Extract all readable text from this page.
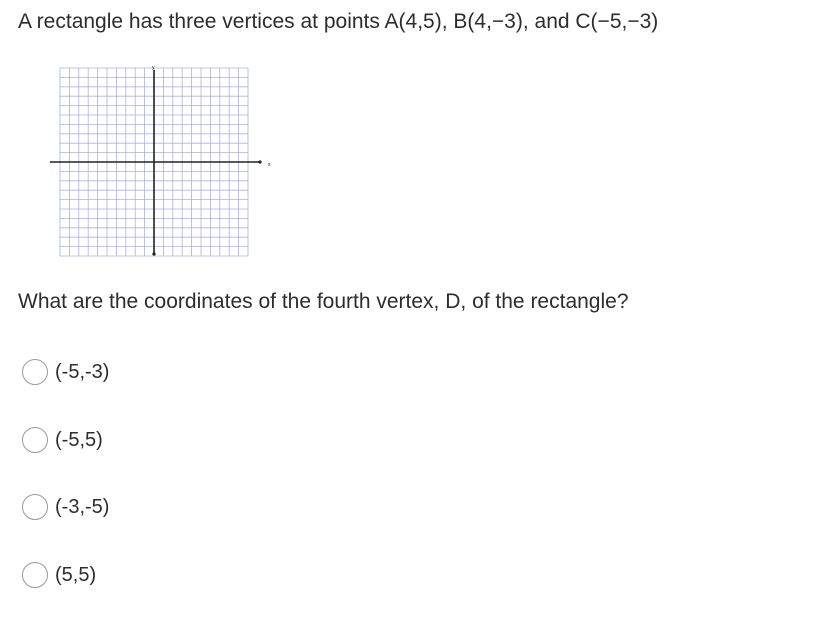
A rectangle has three vertices at points A(4,5), B(4,−3), and C(−5,−3)
x
y
What are the coordinates of the fourth vertex, D, of the rectangle?
(-5,-3)
(-5,5)
(-3,-5)
(5,5)
